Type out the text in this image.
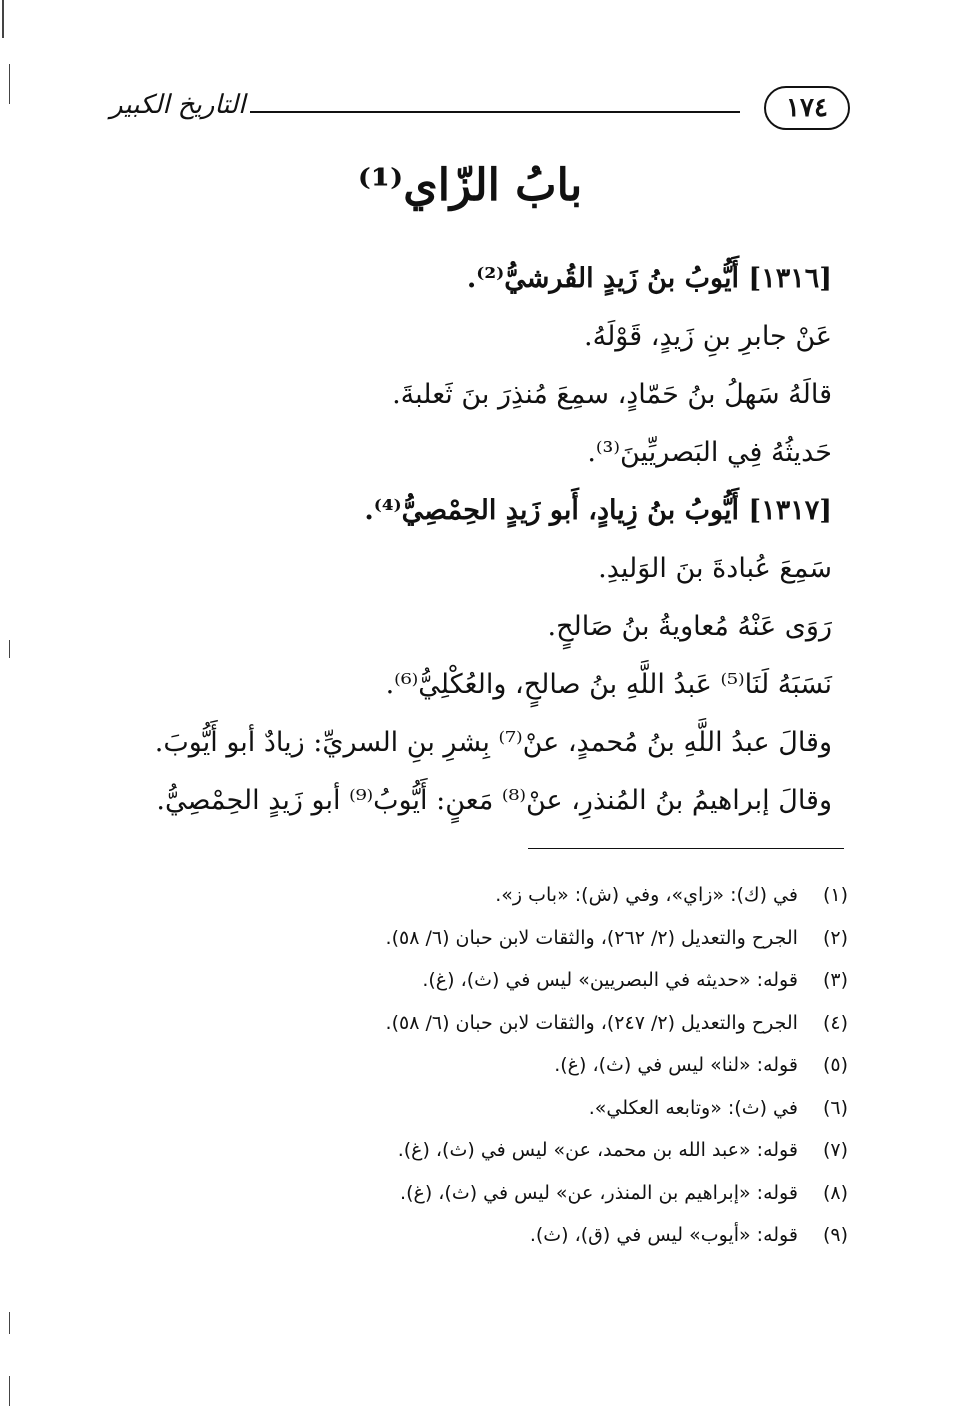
التاريخ الكبير	١٧٤
بابُ الزّاي⁽¹⁾
[١٣١٦] أَيُّوبُ بنُ زَيدٍ القُرشيُّ⁽²⁾.
عَنْ جابرِ بنِ زَيدٍ، قَوْلَهُ.
قالَهُ سَهلُ بنُ حَمّادٍ، سمِعَ مُنذِرَ بنَ ثَعلبةَ.
حَديثُهُ فِي البَصريِّينَ⁽³⁾.
[١٣١٧] أَيُّوبُ بنُ زِيادٍ، أَبو زَيدٍ الحِمْصِيُّ⁽⁴⁾.
سَمِعَ عُبادةَ بنَ الوَليدِ.
رَوَى عَنْهُ مُعاويةُ بنُ صَالحٍ.
نَسَبَهُ لَنَا⁽⁵⁾ عَبدُ اللَّهِ بنُ صالحٍ، والعُكْلِيُّ⁽⁶⁾.
وقالَ عبدُ اللَّهِ بنُ مُحمدٍ، عنْ⁽⁷⁾ بِشرِ بنِ السريِّ: زيادٌ أبو أَيُّوبَ.
وقالَ إبراهيمُ بنُ المُنذرِ، عنْ⁽⁸⁾ مَعنٍ: أَيُّوبُ⁽⁹⁾ أبو زَيدٍ الحِمْصِيُّ.
(١) في (ك): «زاي»، وفي (ش): «باب ز».
(٢) الجرح والتعديل (٢/ ٢٦٢)، والثقات لابن حبان (٦/ ٥٨).
(٣) قوله: «حديثه في البصريين» ليس في (ث)، (غ).
(٤) الجرح والتعديل (٢/ ٢٤٧)، والثقات لابن حبان (٦/ ٥٨).
(٥) قوله: «لنا» ليس في (ث)، (غ).
(٦) في (ث): «وتابعه العكلي».
(٧) قوله: «عبد الله بن محمد، عن» ليس في (ث)، (غ).
(٨) قوله: «إبراهيم بن المنذر، عن» ليس في (ث)، (غ).
(٩) قوله: «أيوب» ليس في (ق)، (ث).
